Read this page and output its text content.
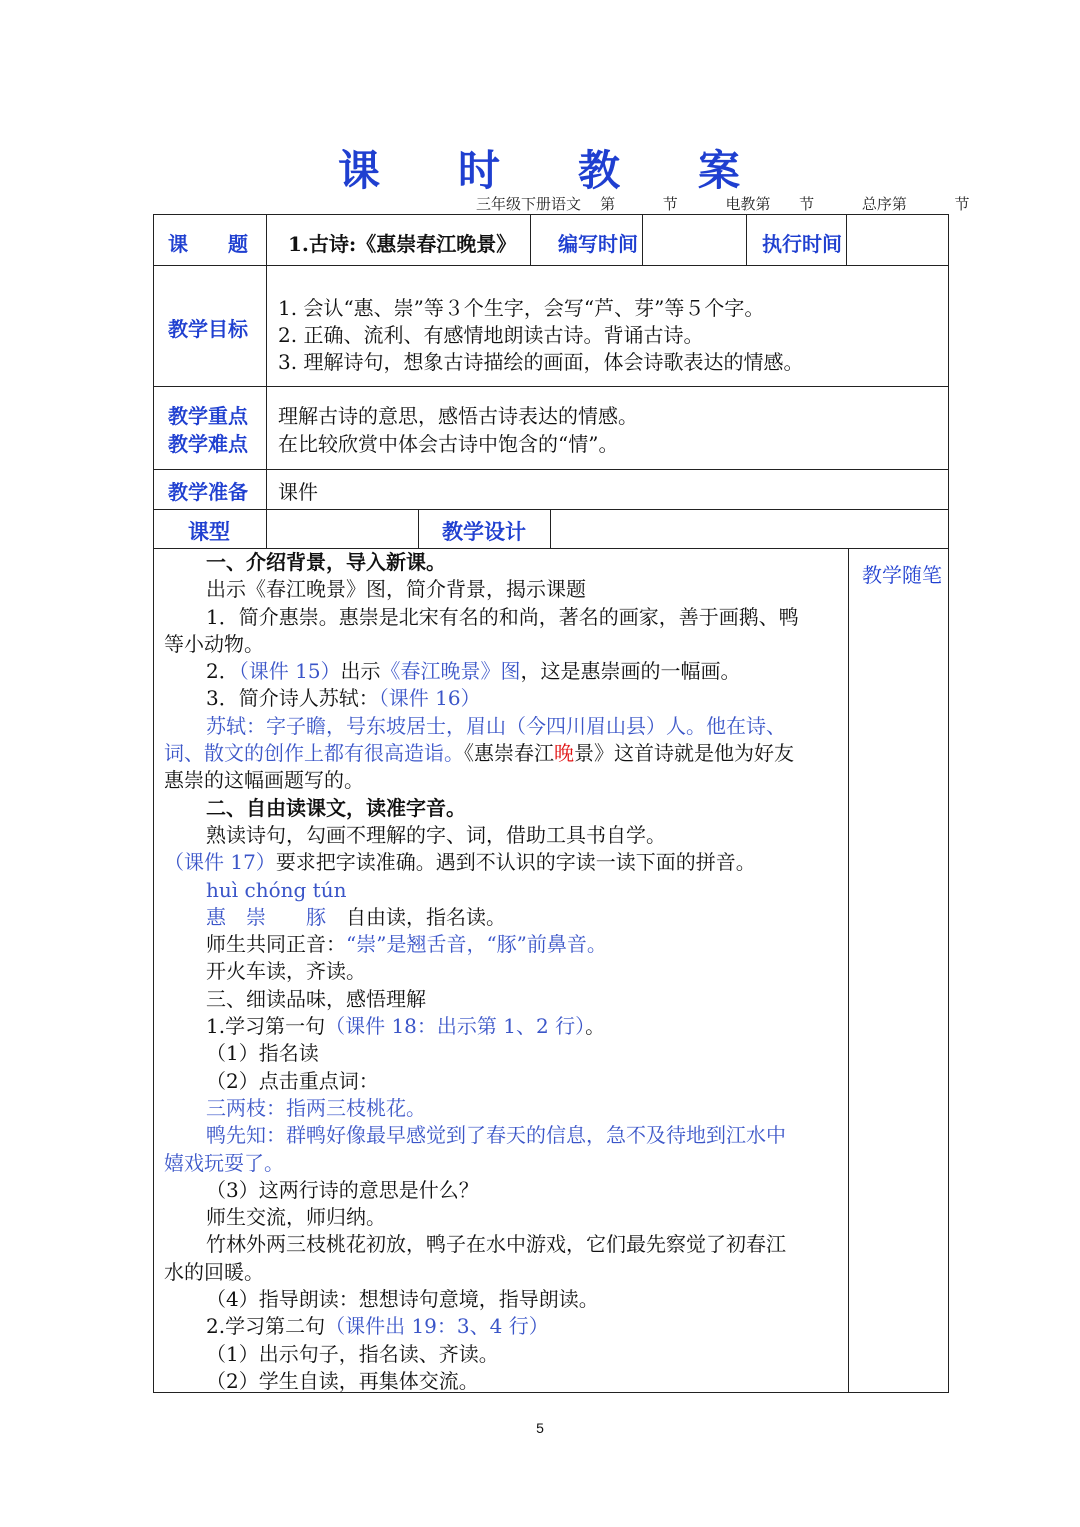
课 时 教 案
三年级下册语文 第	节	电教第 节	总序第	节
课　　题 1.古诗:《惠崇春江晚景》 编写时间	执行时间
教学目标
1. 会认“惠、崇”等３个生字，会写“芦、芽”等５个字。
2. 正确、流利、有感情地朗读古诗。背诵古诗。
3. 理解诗句，想象古诗描绘的画面，体会诗歌表达的情感。
教学重点
教学难点
理解古诗的意思，感悟古诗表达的情感。
在比较欣赏中体会古诗中饱含的“情”。
教学准备 课件
课型	教学设计
教学随笔

一、介绍背景，导入新课。

出示《春江晚景》图，简介背景，揭示课题

1．简介惠崇。惠崇是北宋有名的和尚，著名的画家，善于画鹅、鸭

等小动物。

2．（课件 15）出示《春江晚景》图，这是惠崇画的一幅画。

3．简介诗人苏轼：（课件 16）

苏轼：字子瞻，号东坡居士，眉山（今四川眉山县）人。他在诗、

词、散文的创作上都有很高造诣。《惠崇春江晚景》这首诗就是他为好友

惠崇的这幅画题写的。

二、自由读课文，读准字音。

熟读诗句，勾画不理解的字、词，借助工具书自学。

（课件 17）要求把字读准确。遇到不认识的字读一读下面的拼音。

huì chóng tún

惠　崇　　豚　自由读，指名读。

师生共同正音：“崇”是翘舌音，“豚”前鼻音。

开火车读，齐读。

三、细读品味，感悟理解

1.学习第一句（课件 18：出示第 1、2 行）。

（1）指名读

（2）点击重点词：

三两枝：指两三枝桃花。

鸭先知：群鸭好像最早感觉到了春天的信息，急不及待地到江水中

嬉戏玩耍了。

（3）这两行诗的意思是什么？

师生交流，师归纳。

竹林外两三枝桃花初放，鸭子在水中游戏，它们最先察觉了初春江

水的回暖。

（4）指导朗读：想想诗句意境，指导朗读。

2.学习第二句（课件出 19：3、4 行）

（1）出示句子，指名读、齐读。

（2）学生自读，再集体交流。

5
